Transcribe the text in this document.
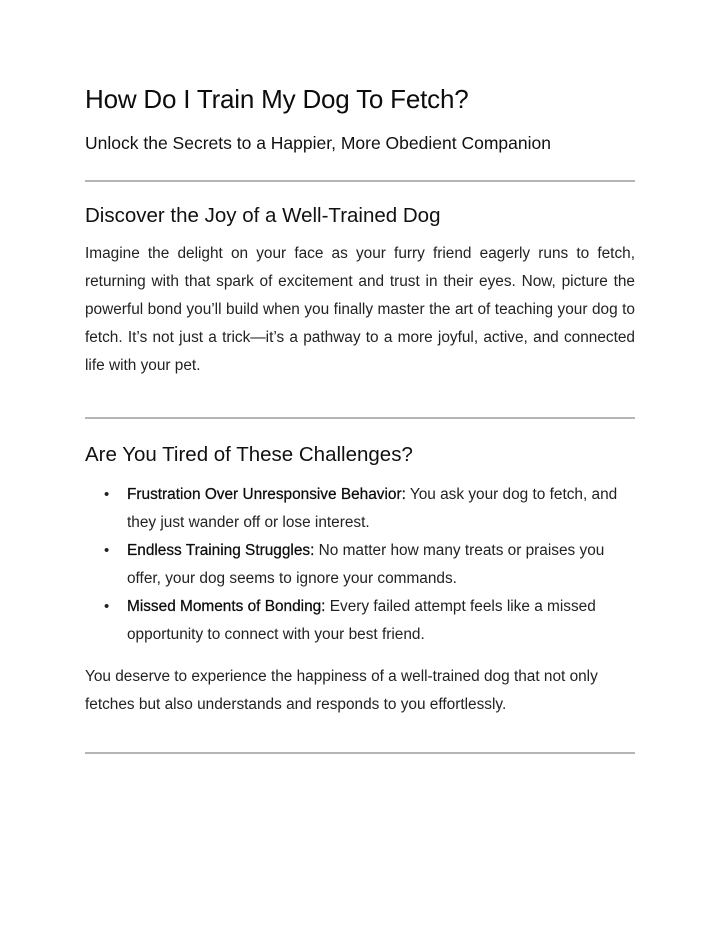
How Do I Train My Dog To Fetch?
Unlock the Secrets to a Happier, More Obedient Companion
Discover the Joy of a Well-Trained Dog

Imagine the delight on your face as your furry friend eagerly runs to fetch, returning with that spark of excitement and trust in their eyes. Now, picture the powerful bond you’ll build when you finally master the art of teaching your dog to fetch. It’s not just a trick—it’s a pathway to a more joyful, active, and connected life with your pet.

Are You Tired of These Challenges?
• Frustration Over Unresponsive Behavior: You ask your dog to fetch, and they just wander off or lose interest.
• Endless Training Struggles: No matter how many treats or praises you offer, your dog seems to ignore your commands.
• Missed Moments of Bonding: Every failed attempt feels like a missed opportunity to connect with your best friend.

You deserve to experience the happiness of a well-trained dog that not only fetches but also understands and responds to you effortlessly.
